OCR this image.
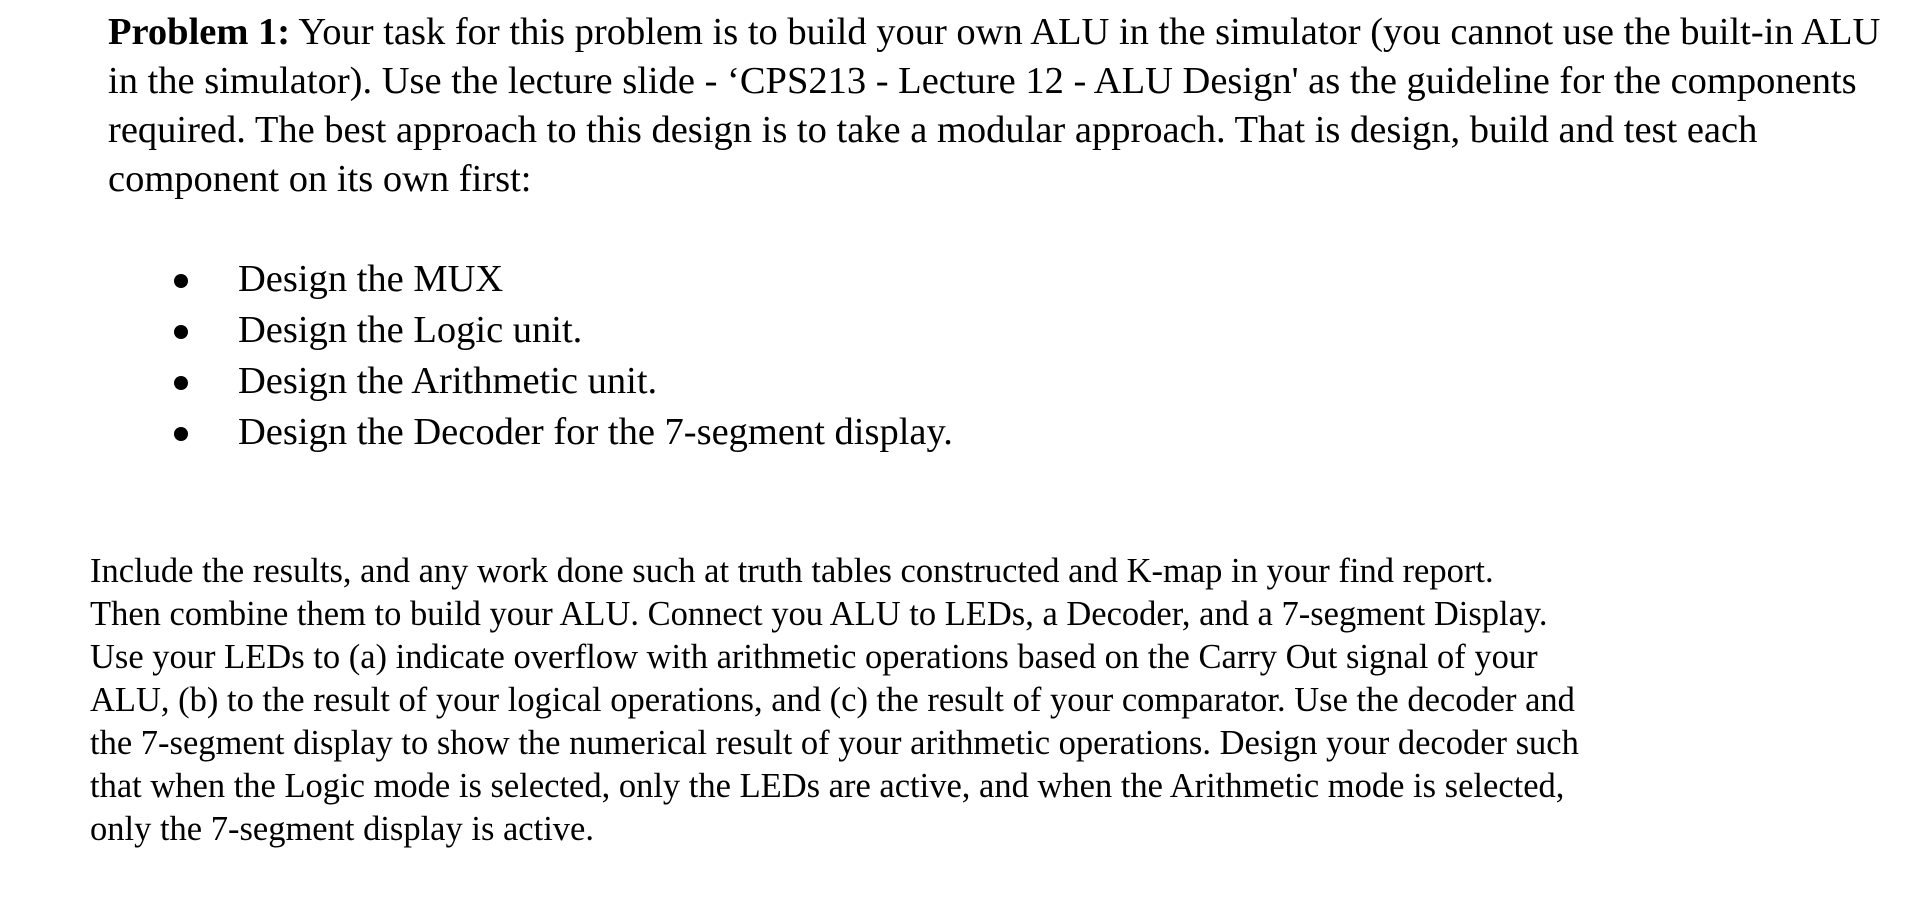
Problem 1: Your task for this problem is to build your own ALU in the simulator (you cannot use the built-in ALU in the simulator). Use the lecture slide - ‘CPS213 - Lecture 12 - ALU Design' as the guideline for the components required. The best approach to this design is to take a modular approach. That is design, build and test each component on its own first:

Design the MUX
Design the Logic unit.
Design the Arithmetic unit.
Design the Decoder for the 7-segment display.

Include the results, and any work done such at truth tables constructed and K-map in your find report.
Then combine them to build your ALU. Connect you ALU to LEDs, a Decoder, and a 7-segment Display.
Use your LEDs to (a) indicate overflow with arithmetic operations based on the Carry Out signal of your
ALU, (b) to the result of your logical operations, and (c) the result of your comparator. Use the decoder and
the 7-segment display to show the numerical result of your arithmetic operations. Design your decoder such
that when the Logic mode is selected, only the LEDs are active, and when the Arithmetic mode is selected,
only the 7-segment display is active.
